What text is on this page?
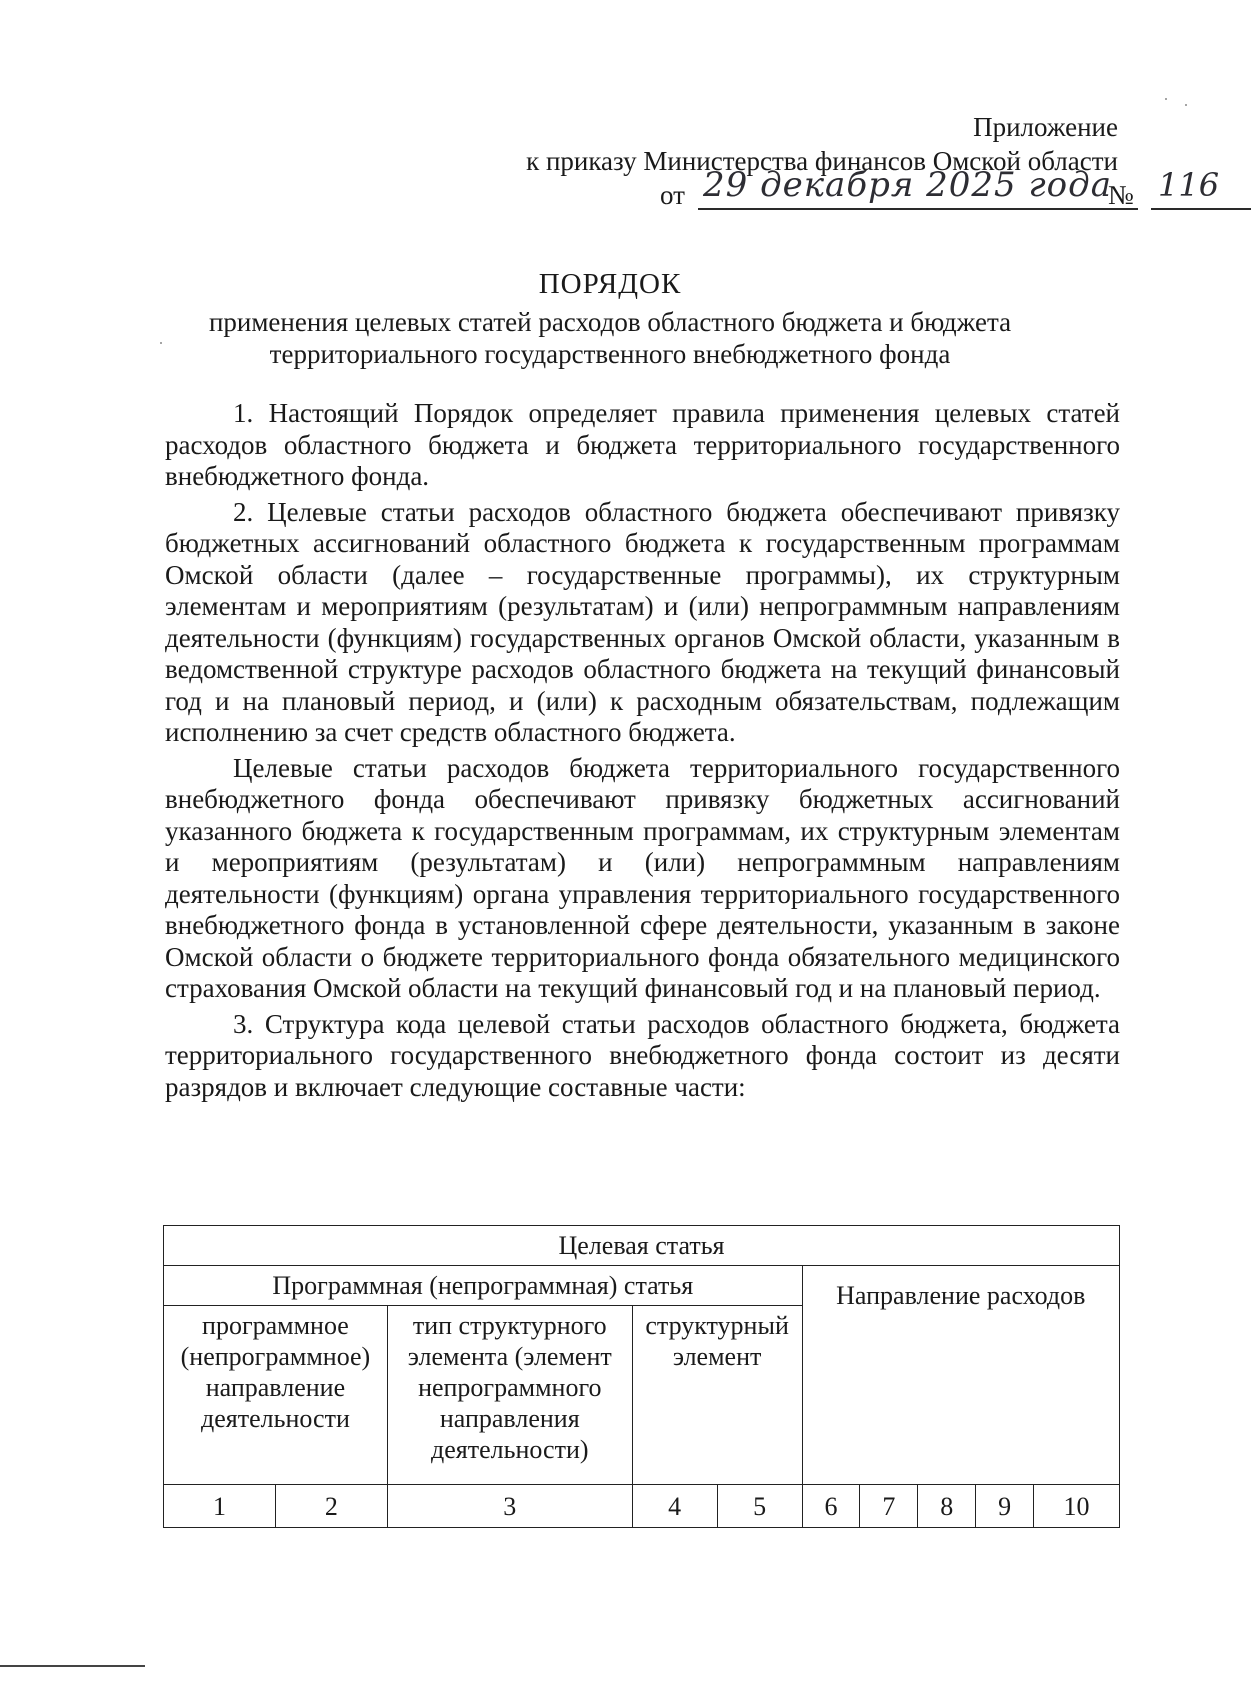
Приложение
к приказу Министерства финансов Омской области
от 29 декабря 2025 года
№ 116
ПОРЯДОК
применения целевых статей расходов областного бюджета и бюджета
территориального государственного внебюджетного фонда

1. Настоящий Порядок определяет правила применения целевых статей расходов областного бюджета и бюджета территориального государственного внебюджетного фонда.

2. Целевые статьи расходов областного бюджета обеспечивают привязку бюджетных ассигнований областного бюджета к государственным программам Омской области (далее – государственные программы), их структурным элементам и мероприятиям (результатам) и (или) непрограммным направлениям деятельности (функциям) государственных органов Омской области, указанным в ведомственной структуре расходов областного бюджета на текущий финансовый год и на плановый период, и (или) к расходным обязательствам, подлежащим исполнению за счет средств областного бюджета.

Целевые статьи расходов бюджета территориального государственного внебюджетного фонда обеспечивают привязку бюджетных ассигнований указанного бюджета к государственным программам, их структурным элементам и мероприятиям (результатам) и (или) непрограммным направлениям деятельности (функциям) органа управления территориального государственного внебюджетного фонда в установленной сфере деятельности, указанным в законе Омской области о бюджете территориального фонда обязательного медицинского страхования Омской области на текущий финансовый год и на плановый период.

3. Структура кода целевой статьи расходов областного бюджета, бюджета территориального государственного внебюджетного фонда состоит из десяти разрядов и включает следующие составные части:

Целевая статья									
Программная (непрограммная) статья					Направление расходов				
программное (непрограммное) направление деятельности		тип структурного элемента (элемент непрограммного направления деятельности)	структурный элемент						
1	2	3	4	5	6	7	8	9	10
